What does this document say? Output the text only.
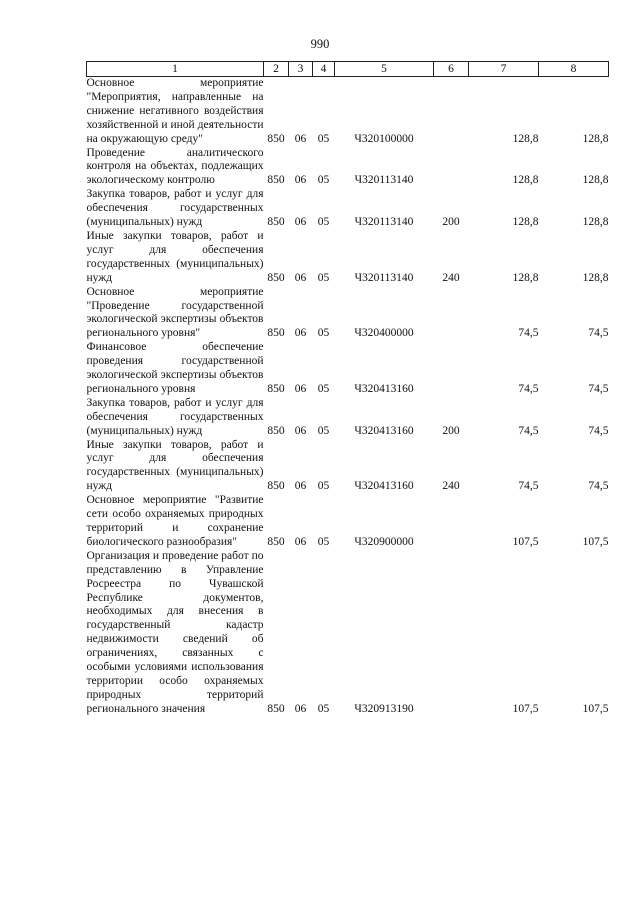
990
1	2	3	4	5	6	7	8
Основное мероприятие "Мероприятия, направленные на снижение негативного воздействия хозяйственной и иной деятельности на окружающую среду"	850	06	05	Ч320100000		128,8	128,8
Проведение аналитического контроля на объектах, подлежащих экологическому контролю	850	06	05	Ч320113140		128,8	128,8
Закупка товаров, работ и услуг для обеспечения государственных (муниципальных) нужд	850	06	05	Ч320113140	200	128,8	128,8
Иные закупки товаров, работ и услуг для обеспечения государственных (муниципальных) нужд	850	06	05	Ч320113140	240	128,8	128,8
Основное мероприятие "Проведение государственной экологической экспертизы объектов регионального уровня"	850	06	05	Ч320400000		74,5	74,5
Финансовое обеспечение проведения государственной экологической экспертизы объектов регионального уровня	850	06	05	Ч320413160		74,5	74,5
Закупка товаров, работ и услуг для обеспечения государственных (муниципальных) нужд	850	06	05	Ч320413160	200	74,5	74,5
Иные закупки товаров, работ и услуг для обеспечения государственных (муниципальных) нужд	850	06	05	Ч320413160	240	74,5	74,5
Основное мероприятие "Развитие сети особо охраняемых природных территорий и сохранение биологического разнообразия"	850	06	05	Ч320900000		107,5	107,5
Организация и проведение работ по представлению в Управление Росреестра по Чувашской Республике документов, необходимых для внесения в государственный кадастр недвижимости сведений об ограничениях, связанных с особыми условиями использования территории особо охраняемых природных территорий регионального значения	850	06	05	Ч320913190		107,5	107,5
